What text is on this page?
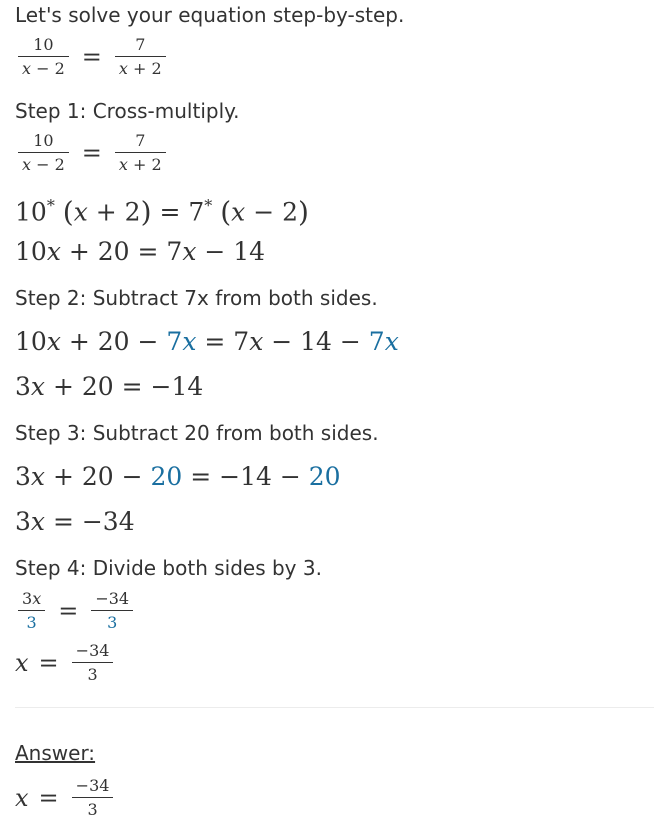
Let's solve your equation step-by-step.
$\frac{10}{x - 2} = \frac{7}{x + 2}$
Step 1: Cross-multiply.
$\frac{10}{x - 2} = \frac{7}{x + 2}$
10* (x + 2) = 7* (x − 2)
10x + 20 = 7x − 14
Step 2: Subtract 7x from both sides.
10x + 20 − 7x = 7x − 14 − 7x
3x + 20 = −14
Step 3: Subtract 20 from both sides.
3x + 20 − 20 = −14 − 20
3x = −34
Step 4: Divide both sides by 3.
$\frac{3x}{3} = \frac{-34}{3}$
$x = \frac{-34}{3}$
Answer:
$x = \frac{-34}{3}$
